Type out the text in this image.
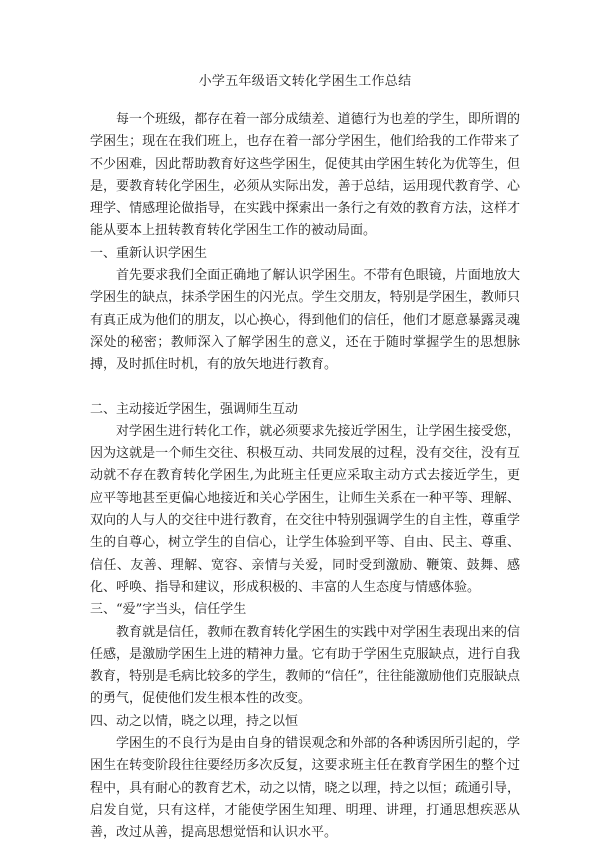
小学五年级语文转化学困生工作总结

每一个班级，都存在着一部分成绩差、道德行为也差的学生，即所谓的学困生；现在在我们班上，也存在着一部分学困生，他们给我的工作带来了不少困难，因此帮助教育好这些学困生，促使其由学困生转化为优等生，但是，要教育转化学困生，必须从实际出发，善于总结，运用现代教育学、心理学、情感理论做指导，在实践中探索出一条行之有效的教育方法，这样才能从要本上扭转教育转化学困生工作的被动局面。

一、重新认识学困生

首先要求我们全面正确地了解认识学困生。不带有色眼镜，片面地放大学困生的缺点，抹杀学困生的闪光点。学生交朋友，特别是学困生，教师只有真正成为他们的朋友，以心换心，得到他们的信任，他们才愿意暴露灵魂深处的秘密；教师深入了解学困生的意义，还在于随时掌握学生的思想脉搏，及时抓住时机，有的放矢地进行教育。

二、主动接近学困生，强调师生互动

对学困生进行转化工作，就必须要求先接近学困生，让学困生接受您，因为这就是一个师生交往、积极互动、共同发展的过程，没有交往，没有互动就不存在教育转化学困生,为此班主任更应采取主动方式去接近学生，更应平等地甚至更偏心地接近和关心学困生，让师生关系在一种平等、理解、双向的人与人的交往中进行教育，在交往中特别强调学生的自主性，尊重学生的自尊心，树立学生的自信心，让学生体验到平等、自由、民主、尊重、信任、友善、理解、宽容、亲情与关爱，同时受到激励、鞭策、鼓舞、感化、呼唤、指导和建议，形成积极的、丰富的人生态度与情感体验。

三、“爱”字当头，信任学生

教育就是信任，教师在教育转化学困生的实践中对学困生表现出来的信任感，是激励学困生上进的精神力量。它有助于学困生克服缺点，进行自我教育，特别是毛病比较多的学生，教师的“信任”，往往能激励他们克服缺点的勇气，促使他们发生根本性的改变。

四、动之以情，晓之以理，持之以恒

学困生的不良行为是由自身的错误观念和外部的各种诱因所引起的，学困生在转变阶段往往要经历多次反复，这要求班主任在教育学困生的整个过程中，具有耐心的教育艺术，动之以情，晓之以理，持之以恒；疏通引导，启发自觉，只有这样，才能使学困生知理、明理、讲理，打通思想疾恶从善，改过从善，提高思想觉悟和认识水平。
